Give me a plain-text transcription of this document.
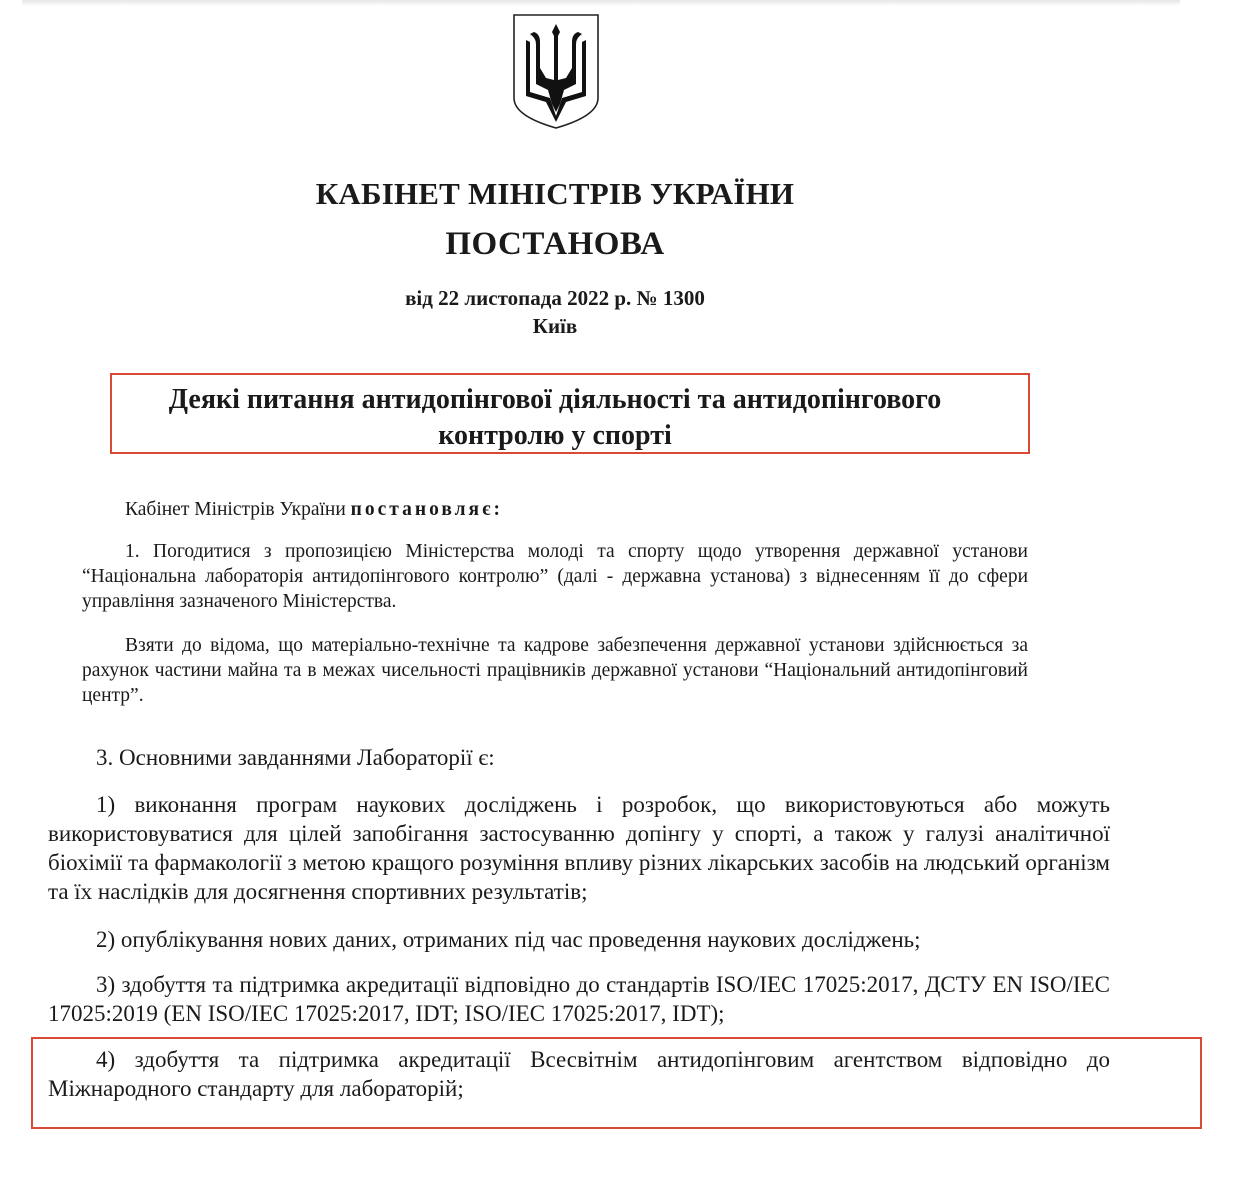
КАБІНЕТ МІНІСТРІВ УКРАЇНИ
ПОСТАНОВА
від 22 листопада 2022 р. № 1300
Київ
Деякі питання антидопінгової діяльності та антидопінгового
контролю у спорті

Кабінет Міністрів України постановляє:

1. Погодитися з пропозицією Міністерства молоді та спорту щодо утворення державної установи “Національна лабораторія антидопінгового контролю” (далі - державна установа) з віднесенням її до сфери управління зазначеного Міністерства.

Взяти до відома, що матеріально-технічне та кадрове забезпечення державної установи здійснюється за рахунок частини майна та в межах чисельності працівників державної установи “Національний антидопінговий центр”.

3. Основними завданнями Лабораторії є:

1) виконання програм наукових досліджень і розробок, що використовуються або можуть використовуватися для цілей запобігання застосуванню допінгу у спорті, а також у галузі аналітичної біохімії та фармакології з метою кращого розуміння впливу різних лікарських засобів на людський організм та їх наслідків для досягнення спортивних результатів;

2) опублікування нових даних, отриманих під час проведення наукових досліджень;

3) здобуття та підтримка акредитації відповідно до стандартів ISO/IEC 17025:2017, ДСТУ EN ISO/IEC 17025:2019 (EN ISO/IEC 17025:2017, IDT; ISO/IEC 17025:2017, IDT);

4) здобуття та підтримка акредитації Всесвітнім антидопінговим агентством відповідно до Міжнародного стандарту для лабораторій;
